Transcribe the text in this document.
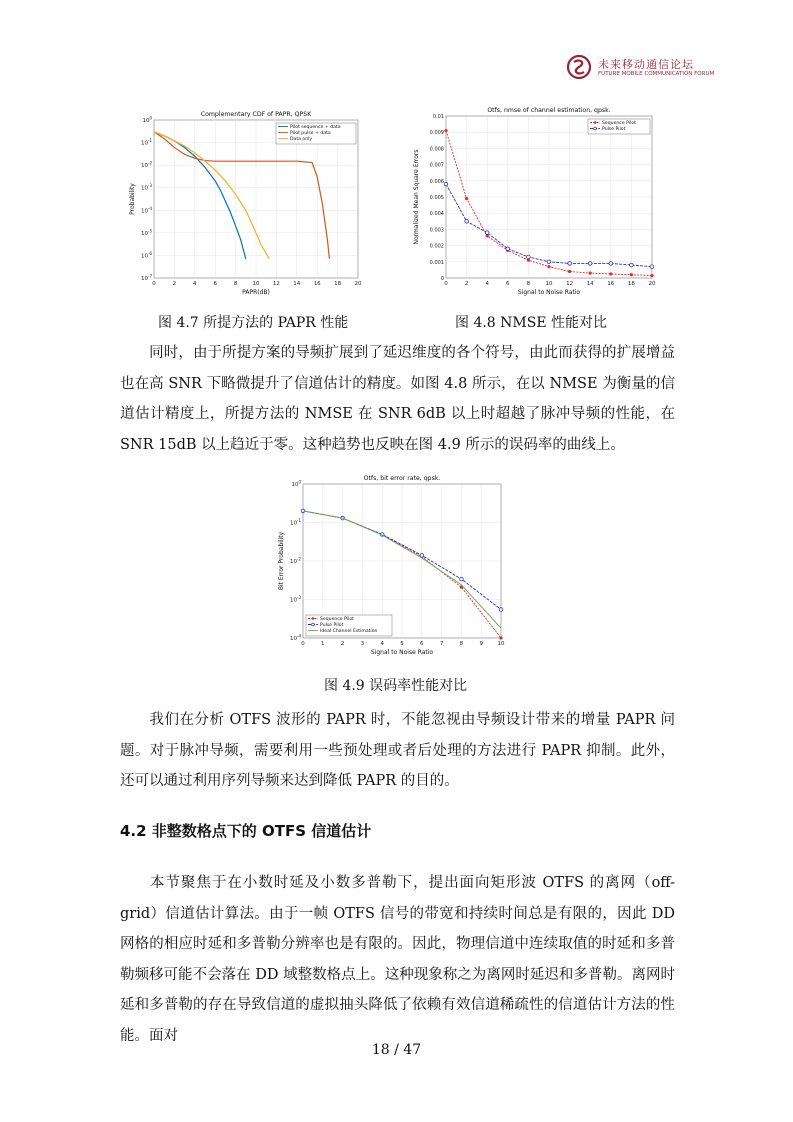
未来移动通信论坛
FUTURE MOBILE COMMUNICATION FORUM
0	2	4	6	8	10 12 14 16 18 20
$10^0$
$10^{-1}$
$10^{-2}$
$10^{-3}$
$10^{-4}$
$10^{-5}$
$10^{-6}$
$10^{-7}$
Complementary CDF of PAPR, QPSK
PAPR(dB)
Probability
Pilot sequence + data
Pilot pulse + data
Data only
0	2	4	6	8	10 12 14 16 18 20
0
0.001
0.002
0.003
0.004
0.005
0.006
0.007
0.008
0.009
0.01
Otfs, nmse of channel estimation, qpsk.
Signal to Noise Ratio
Normalized Mean Square Errors
Sequence Pilot
Pulse Pilot
图 4.7 所提方法的 PAPR 性能	图 4.8 NMSE 性能对比
同时，由于所提方案的导频扩展到了延迟维度的各个符号，由此而获得的扩展增益也在高 SNR 下略微提升了信道估计的精度。如图 4.8 所示，在以 NMSE 为衡量的信道估计精度上，所提方法的 NMSE 在 SNR 6dB 以上时超越了脉冲导频的性能，在 SNR 15dB 以上趋近于零。这种趋势也反映在图 4.9 所示的误码率的曲线上。
0	1	2	3	4	5	6	7	8	9	10
$10^0$
$10^{-1}$
$10^{-2}$
$10^{-3}$
$10^{-4}$
Otfs, bit error rate, qpsk.
Signal to Noise Ratio
Bit Error Probability
Sequence Pilot
Pulse Pilot
Ideal Channel Estimation
图 4.9 误码率性能对比
我们在分析 OTFS 波形的 PAPR 时，不能忽视由导频设计带来的增量 PAPR 问题。对于脉冲导频，需要利用一些预处理或者后处理的方法进行 PAPR 抑制。此外，还可以通过利用序列导频来达到降低 PAPR 的目的。
4.2 非整数格点下的 OTFS 信道估计
本节聚焦于在小数时延及小数多普勒下，提出面向矩形波 OTFS 的离网（off-grid）信道估计算法。由于一帧 OTFS 信号的带宽和持续时间总是有限的，因此 DD 网格的相应时延和多普勒分辨率也是有限的。因此，物理信道中连续取值的时延和多普勒频移可能不会落在 DD 域整数格点上。这种现象称之为离网时延迟和多普勒。离网时延和多普勒的存在导致信道的虚拟抽头降低了依赖有效信道稀疏性的信道估计方法的性能。面对
18 / 47
